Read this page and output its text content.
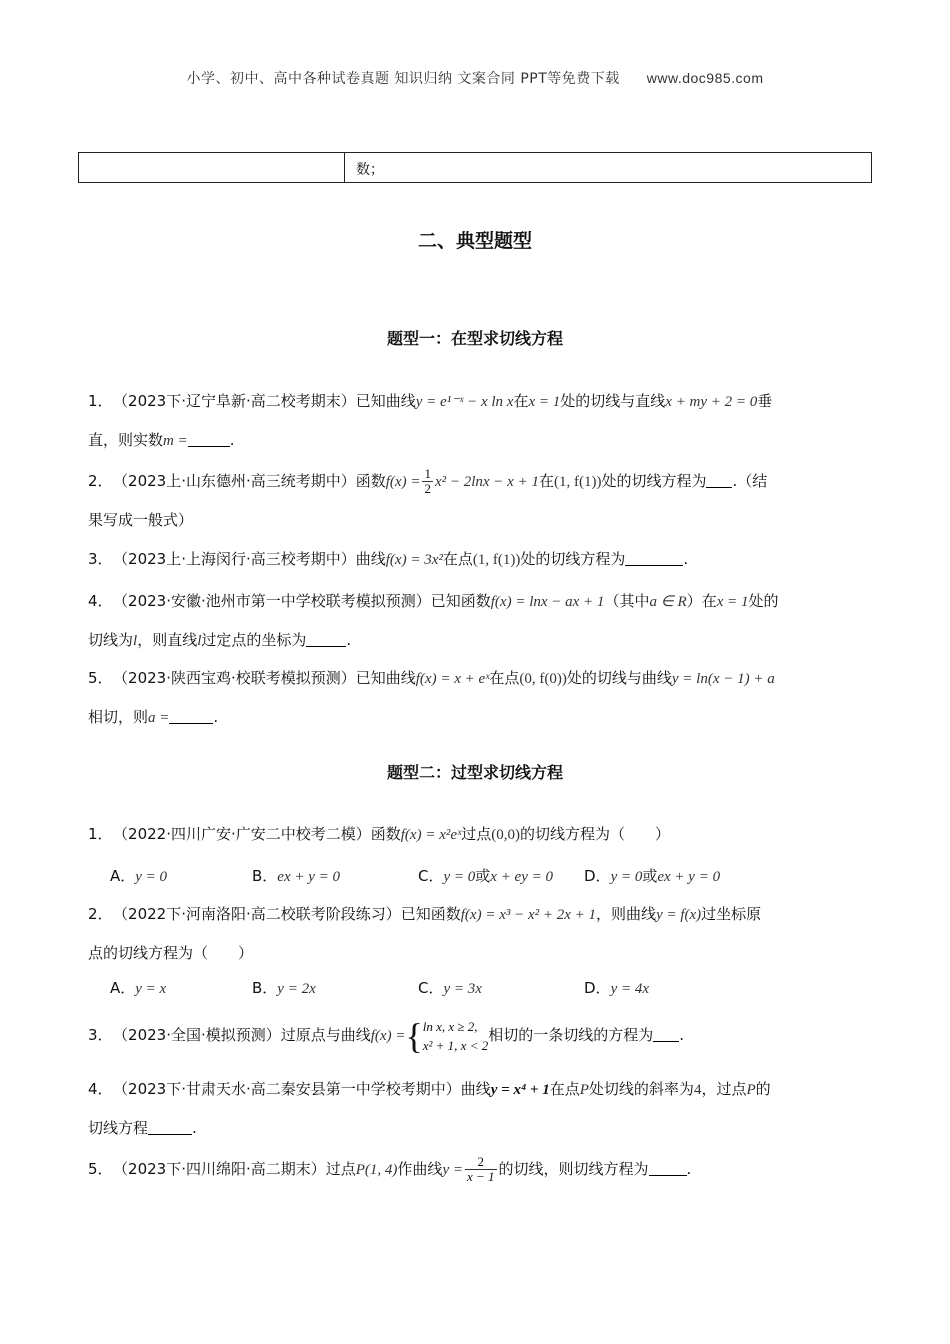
小学、初中、高中各种试卷真题 知识归纳 文案合同 PPT等免费下载 www.doc985.com
数；
二、典型题型
题型一：在型求切线方程
1． （2023下·辽宁阜新·高二校考期末）已知曲线y = e¹⁻ˣ − x ln x在x = 1处的切线与直线x + my + 2 = 0垂
直，则实数m =	.
2． （2023上·山东德州·高三统考期中）函数$f(x) = \frac{1}{2} x^2 - 2\ln x - x + 1$在(1, f(1))处的切线方程为 .（结
果写成一般式）
3． （2023上·上海闵行·高三校考期中）曲线f(x) = 3x²在点(1, f(1))处的切线方程为	.
4． （2023·安徽·池州市第一中学校联考模拟预测）已知函数f(x) = lnx − ax + 1（其中a ∈ R）在x = 1处的
切线为l，则直线l过定点的坐标为	.
5． （2023·陕西宝鸡·校联考模拟预测）已知曲线f(x) = x + eˣ在点(0, f(0))处的切线与曲线y = ln(x − 1) + a
相切，则a =	.
题型二：过型求切线方程
1． （2022·四川广安·广安二中校考二模）函数f(x) = x²eˣ过点(0,0)的切线方程为（　　）
A．y = 0	B．ex + y = 0	C．y = 0或x + ey = 0 D．y = 0或ex + y = 0
2． （2022下·河南洛阳·高二校联考阶段练习）已知函数f(x) = x³ − x² + 2x + 1，则曲线y = f(x)过坐标原
点的切线方程为（　　）
A．y = x	B．y = 2x	C．y = 3x	D．y = 4x
3． （2023·全国·模拟预测）过原点与曲线f(x) ={ ln x, x ≥ 2,
x² + 1, x < 2
相切的一条切线的方程为 .
4． （2023下·甘肃天水·高二秦安县第一中学校考期中）曲线y = x⁴ + 1在点P处切线的斜率为4，过点P的
切线方程	.
5． （2023下·四川绵阳·高二期末）过点P(1, 4)作曲线$y = \frac{2}{x - 1}$ 的切线，则切线方程为	.
